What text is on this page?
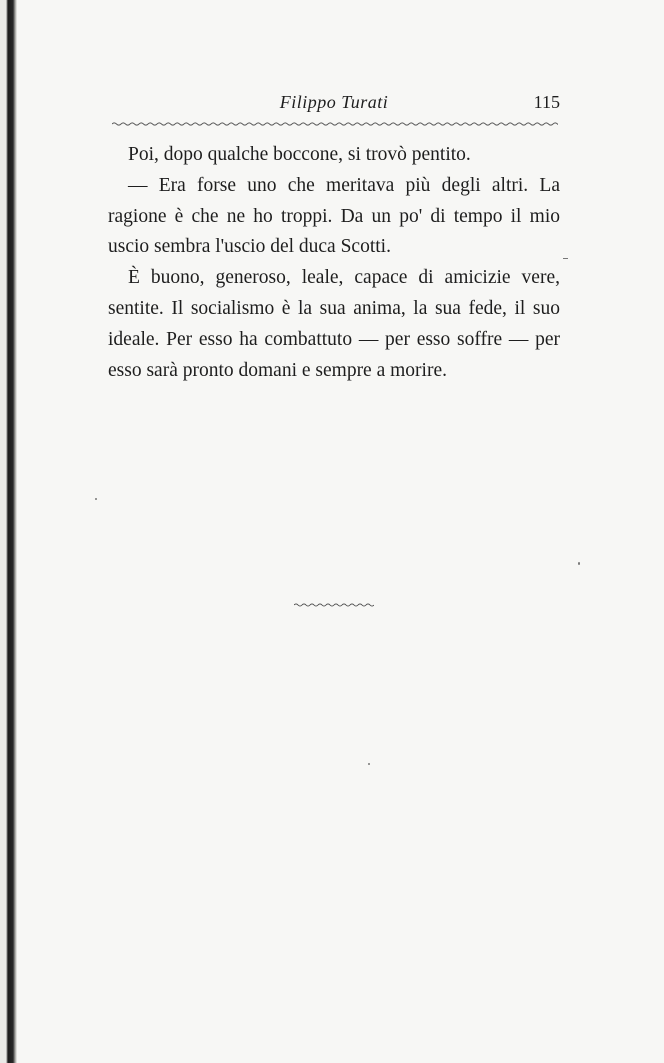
Filippo Turati	115

Poi, dopo qualche boccone, si trovò pentito.

— Era forse uno che meritava più degli altri. La ragione è che ne ho troppi. Da un po' di tempo il mio uscio sembra l'uscio del duca Scotti.

È buono, generoso, leale, capace di amicizie vere, sentite. Il socialismo è la sua anima, la sua fede, il suo ideale. Per esso ha combattuto — per esso soffre — per esso sarà pronto domani e sempre a morire.
